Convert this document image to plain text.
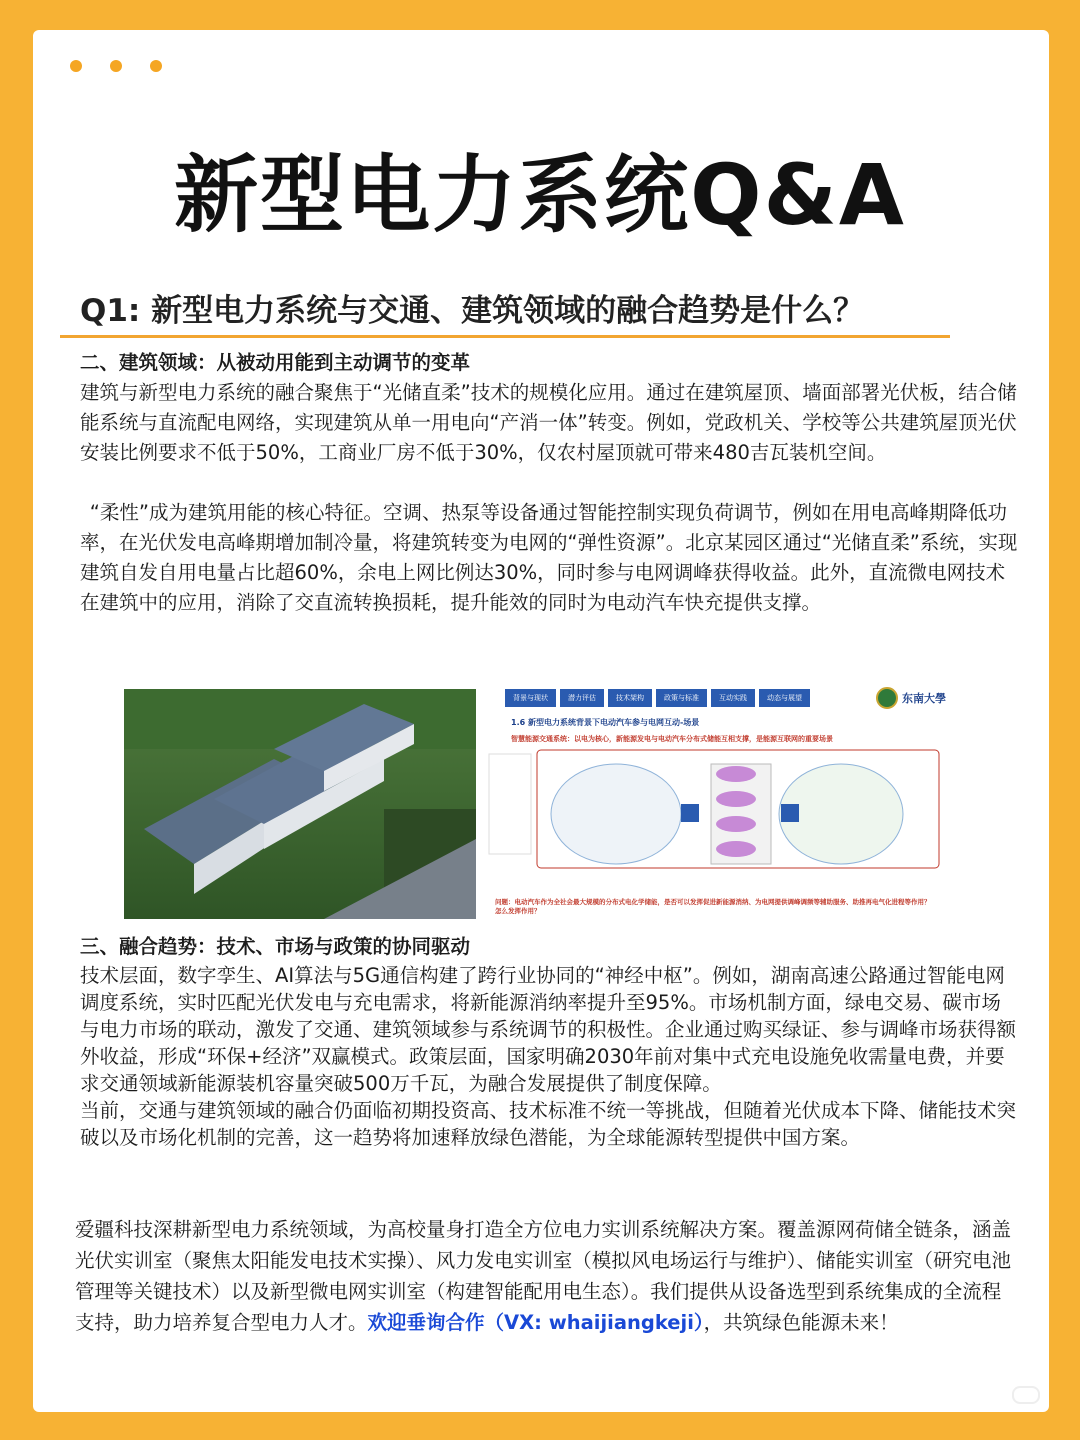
新型电力系统Q&A
Q1: 新型电力系统与交通、建筑领域的融合趋势是什么？

二、建筑领域：从被动用能到主动调节的变革

建筑与新型电力系统的融合聚焦于“光储直柔”技术的规模化应用。通过在建筑屋顶、墙面部署光伏板，结合储能系统与直流配电网络，实现建筑从单一用电向“产消一体”转变。例如，党政机关、学校等公共建筑屋顶光伏安装比例要求不低于50%，工商业厂房不低于30%，仅农村屋顶就可带来480吉瓦装机空间。

“柔性”成为建筑用能的核心特征。空调、热泵等设备通过智能控制实现负荷调节，例如在用电高峰期降低功率，在光伏发电高峰期增加制冷量，将建筑转变为电网的“弹性资源”。北京某园区通过“光储直柔”系统，实现建筑自发自用电量占比超60%，余电上网比例达30%，同时参与电网调峰获得收益。此外，直流微电网技术在建筑中的应用，消除了交直流转换损耗，提升能效的同时为电动汽车快充提供支撑。

背景与现状	潜力评估	技术架构	政策与标准	互动实践	动态与展望	东南大學
1.6 新型电力系统背景下电动汽车参与电网互动-场景
智慧能源交通系统：以电为核心，新能源发电与电动汽车分布式储能互相支撑，是能源互联网的重要场景
问题：电动汽车作为全社会最大规模的分布式电化学储能，是否可以发挥促进新能源消纳、为电网提供调峰调频等辅助服务、助推再电气化进程等作用？怎么发挥作用？

三、融合趋势：技术、市场与政策的协同驱动

技术层面，数字孪生、AI算法与5G通信构建了跨行业协同的“神经中枢”。例如，湖南高速公路通过智能电网调度系统，实时匹配光伏发电与充电需求，将新能源消纳率提升至95%。市场机制方面，绿电交易、碳市场与电力市场的联动，激发了交通、建筑领域参与系统调节的积极性。企业通过购买绿证、参与调峰市场获得额外收益，形成“环保+经济”双赢模式。政策层面，国家明确2030年前对集中式充电设施免收需量电费，并要求交通领域新能源装机容量突破500万千瓦，为融合发展提供了制度保障。

当前，交通与建筑领域的融合仍面临初期投资高、技术标准不统一等挑战，但随着光伏成本下降、储能技术突破以及市场化机制的完善，这一趋势将加速释放绿色潜能，为全球能源转型提供中国方案。

爱疆科技深耕新型电力系统领域，为高校量身打造全方位电力实训系统解决方案。覆盖源网荷储全链条，涵盖光伏实训室（聚焦太阳能发电技术实操）、风力发电实训室（模拟风电场运行与维护）、储能实训室（研究电池管理等关键技术）以及新型微电网实训室（构建智能配用电生态）。我们提供从设备选型到系统集成的全流程支持，助力培养复合型电力人才。欢迎垂询合作（VX: whaijiangkeji），共筑绿色能源未来！
